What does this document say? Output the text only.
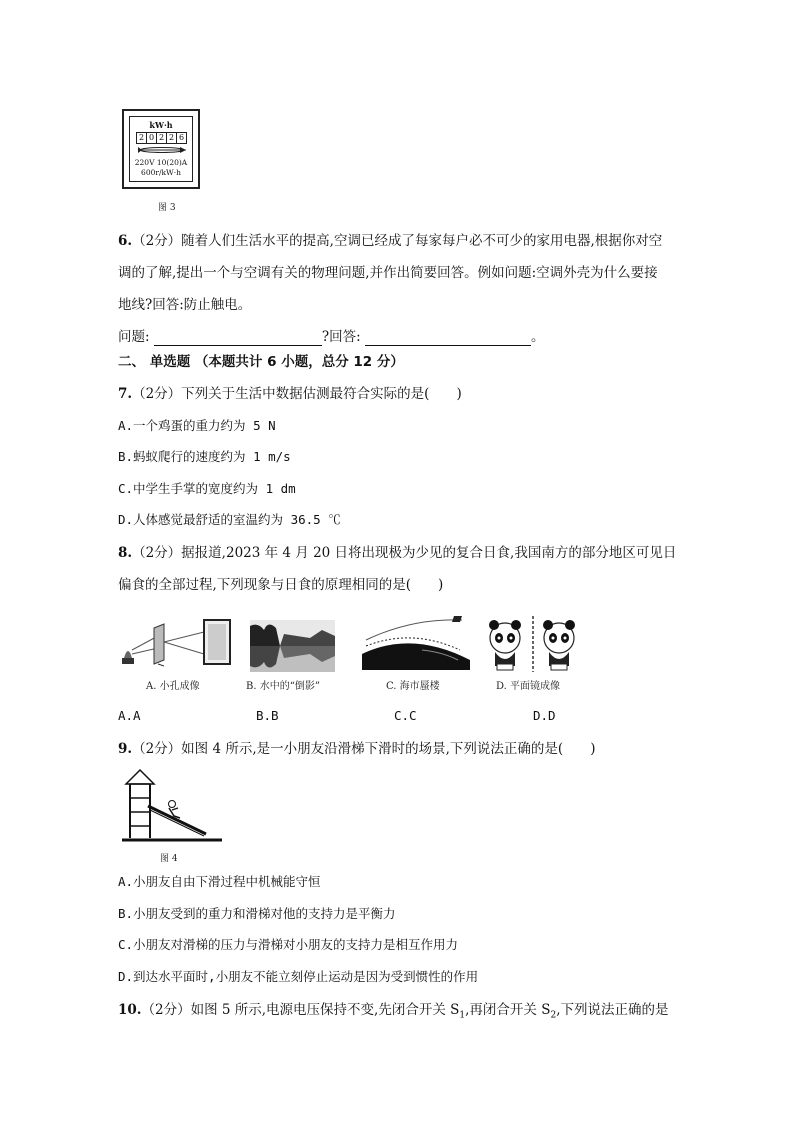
kW·h
2 0 2 2 6
220V 10(20)A
600r/kW·h
图 3
6.（2分）随着人们生活水平的提高,空调已经成了每家每户必不可少的家用电器,根据你对空
调的了解,提出一个与空调有关的物理问题,并作出简要回答。例如问题:空调外壳为什么要接
地线?回答:防止触电。
问题:	?回答:	。
二、 单选题 （本题共计 6 小题，总分 12 分）
7.（2分）下列关于生活中数据估测最符合实际的是(　　)
A.一个鸡蛋的重力约为 5 N
B.蚂蚁爬行的速度约为 1 m/s
C.中学生手掌的宽度约为 1 dm
D.人体感觉最舒适的室温约为 36.5 ℃
8.（2分）据报道,2023 年 4 月 20 日将出现极为少见的复合日食,我国南方的部分地区可见日
偏食的全部过程,下列现象与日食的原理相同的是(　　)
A. 小孔成像	B. 水中的“倒影”	C. 海市蜃楼	D. 平面镜成像
A.A	B.B	C.C	D.D
9.（2分）如图 4 所示,是一小朋友沿滑梯下滑时的场景,下列说法正确的是(　　)
图 4
A.小朋友自由下滑过程中机械能守恒
B.小朋友受到的重力和滑梯对他的支持力是平衡力
C.小朋友对滑梯的压力与滑梯对小朋友的支持力是相互作用力
D.到达水平面时,小朋友不能立刻停止运动是因为受到惯性的作用
10.（2分）如图 5 所示,电源电压保持不变,先闭合开关 $S_1$,再闭合开关 $S_2$,下列说法正确的是
